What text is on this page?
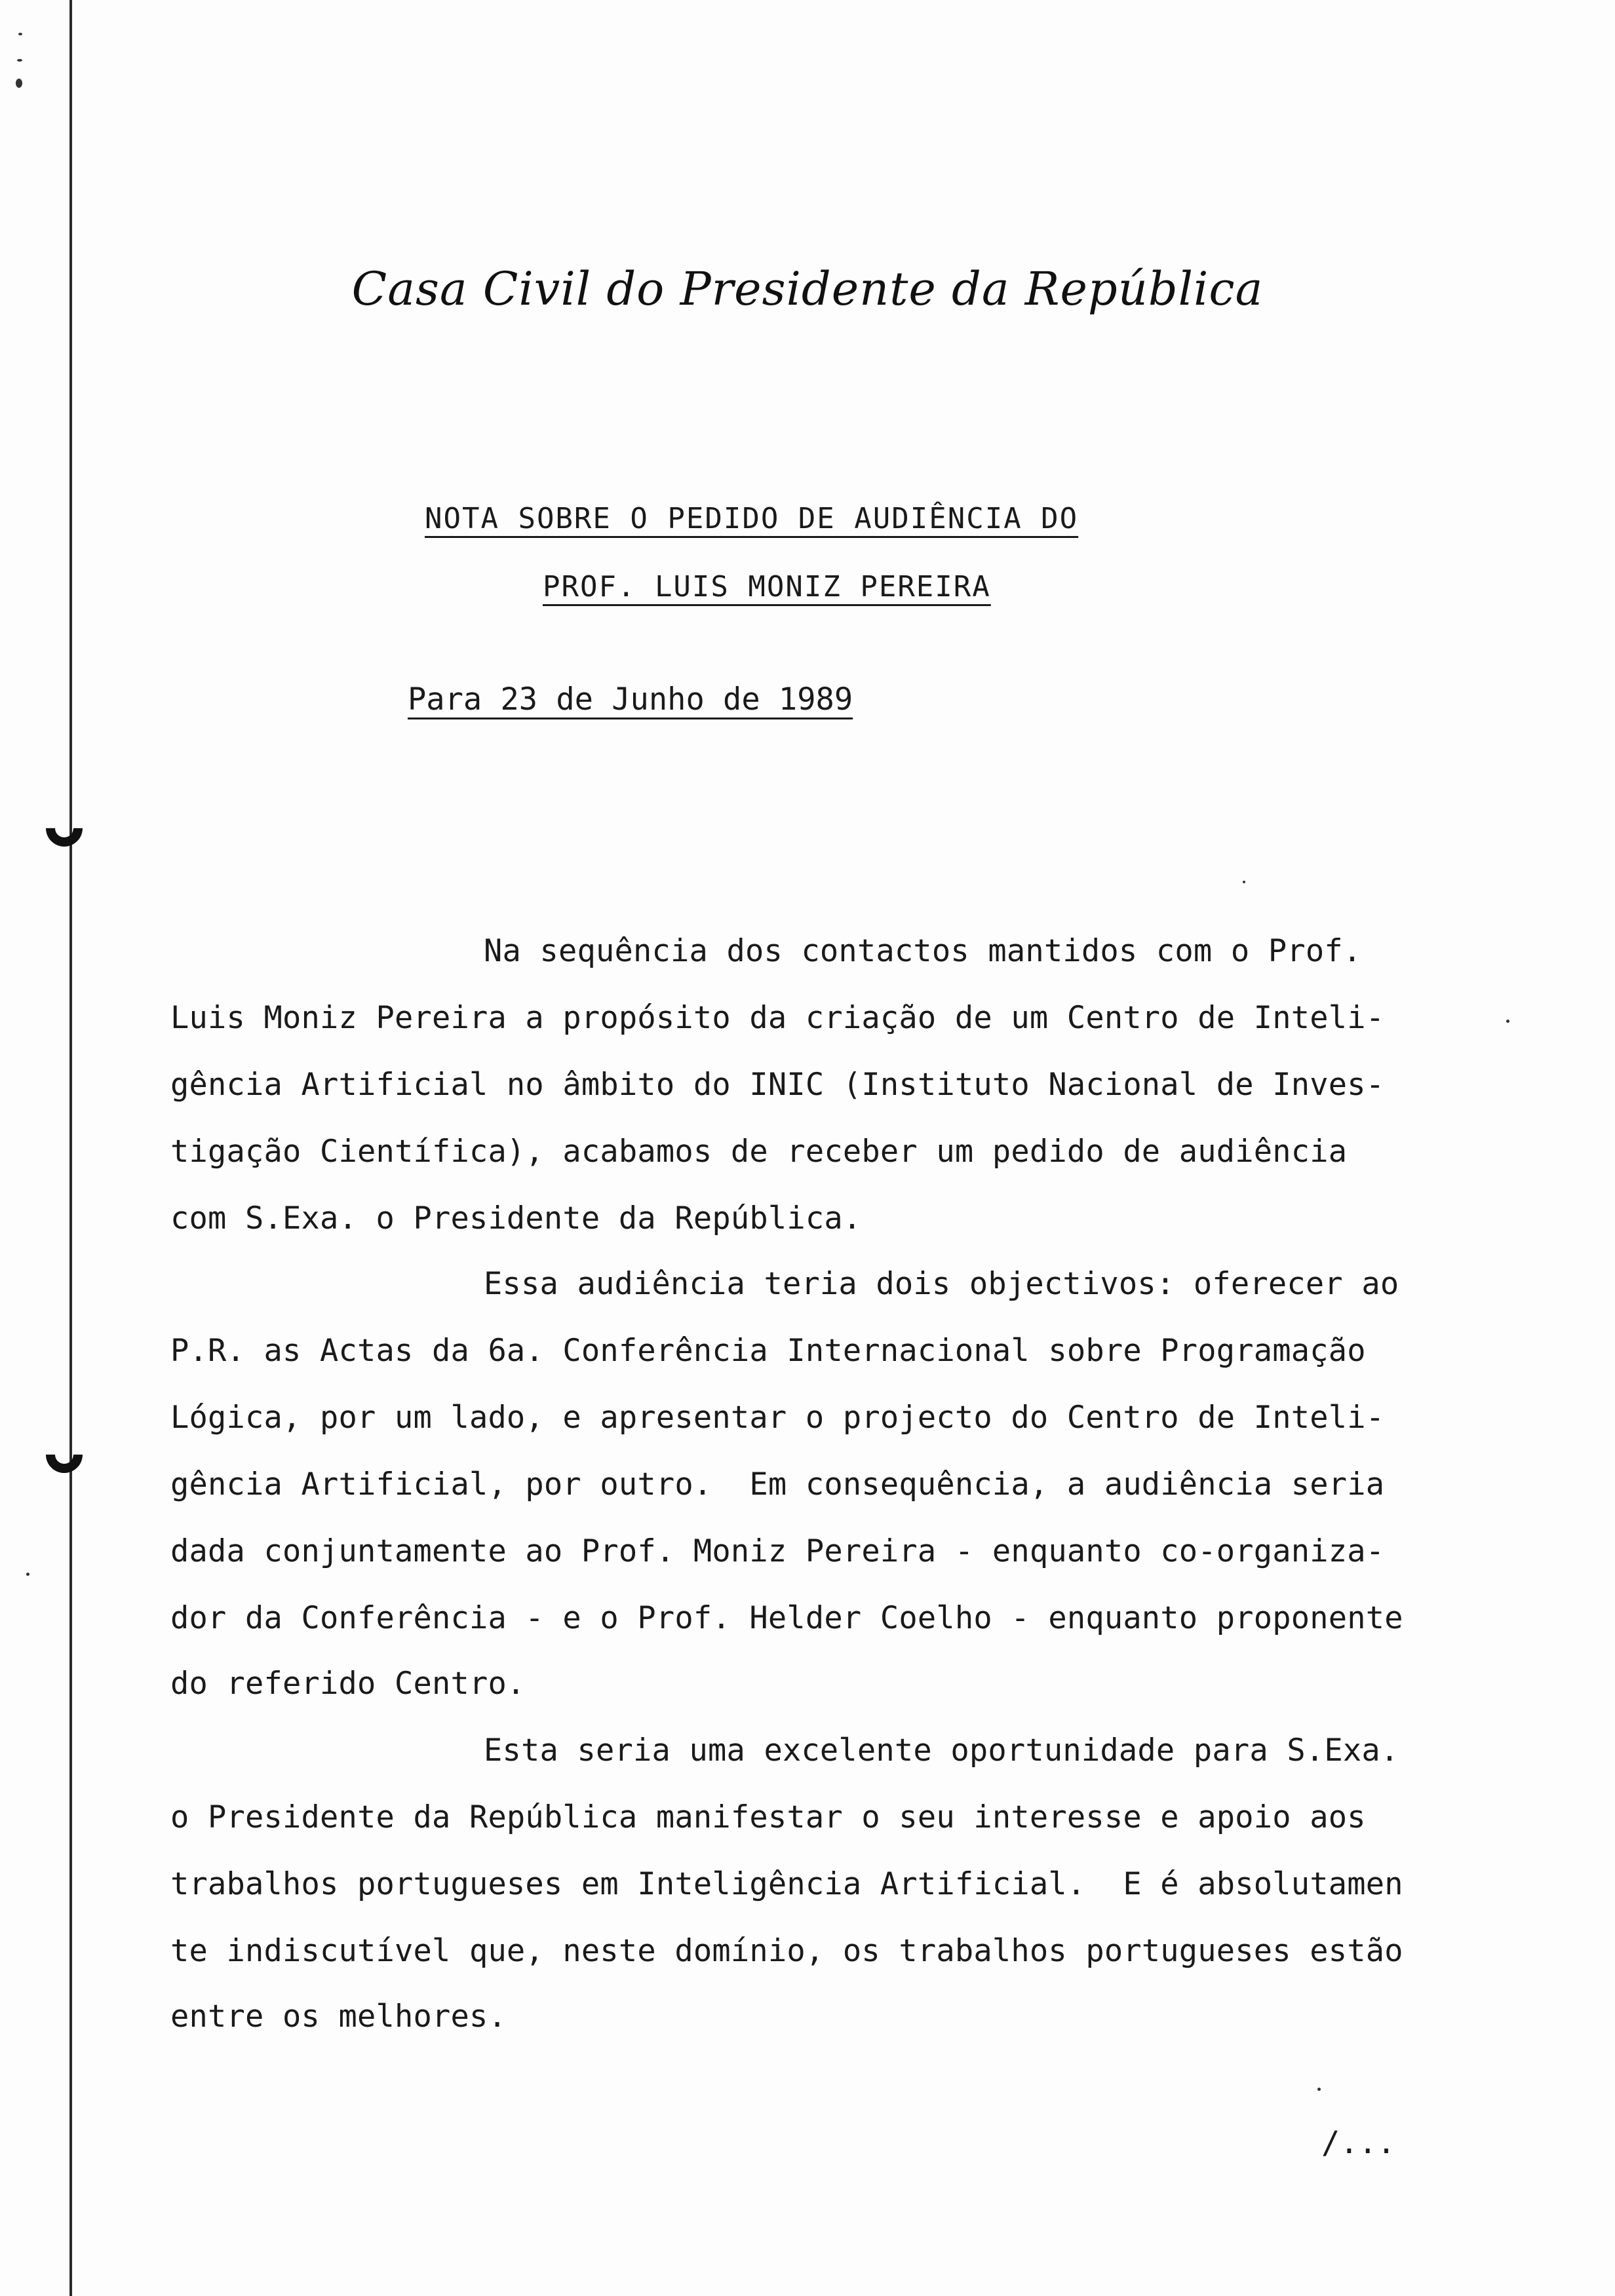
Casa Civil do Presidente da República
NOTA SOBRE O PEDIDO DE AUDIÊNCIA DO
PROF. LUIS MONIZ PEREIRA
Para 23 de Junho de 1989
Na sequência dos contactos mantidos com o Prof.
Luis Moniz Pereira a propósito da criação de um Centro de Inteli-
gência Artificial no âmbito do INIC (Instituto Nacional de Inves-
tigação Científica), acabamos de receber um pedido de audiência
com S.Exa. o Presidente da República.
Essa audiência teria dois objectivos: oferecer ao
P.R. as Actas da 6a. Conferência Internacional sobre Programação
Lógica, por um lado, e apresentar o projecto do Centro de Inteli-
gência Artificial, por outro.  Em consequência, a audiência seria
dada conjuntamente ao Prof. Moniz Pereira - enquanto co-organiza-
dor da Conferência - e o Prof. Helder Coelho - enquanto proponente
do referido Centro.
Esta seria uma excelente oportunidade para S.Exa.
o Presidente da República manifestar o seu interesse e apoio aos
trabalhos portugueses em Inteligência Artificial.  E é absolutamen
te indiscutível que, neste domínio, os trabalhos portugueses estão
entre os melhores.
/...
